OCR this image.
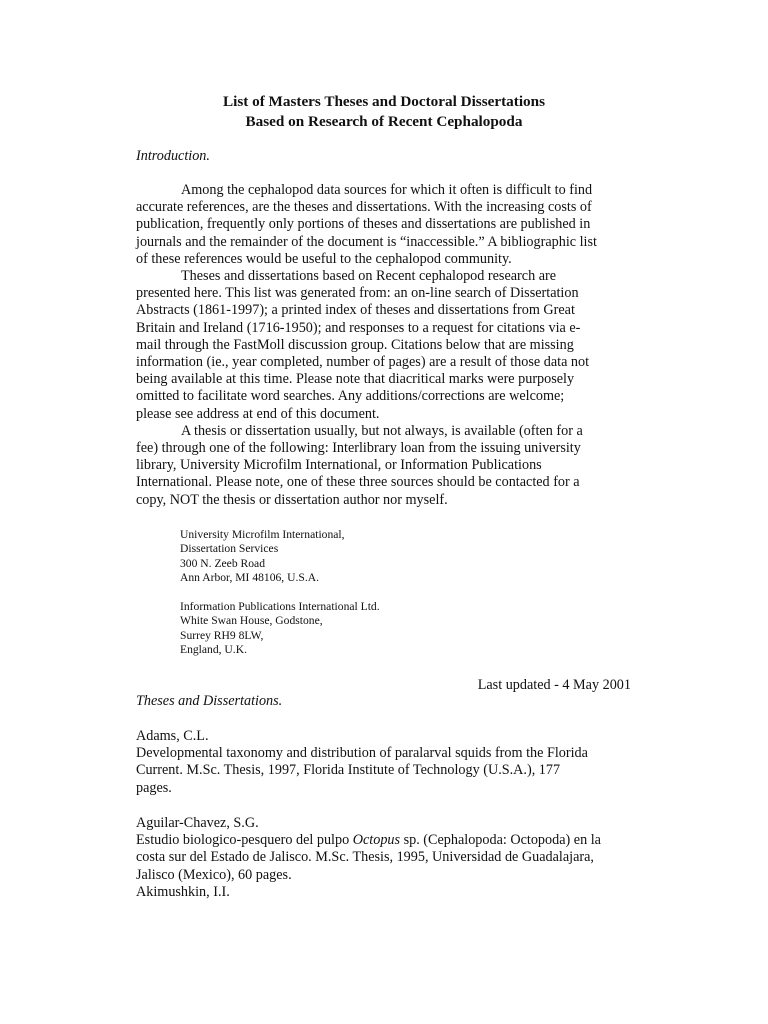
List of Masters Theses and Doctoral Dissertations
Based on Research of Recent Cephalopoda
Introduction.
Among the cephalopod data sources for which it often is difficult to find
accurate references, are the theses and dissertations. With the increasing costs of
publication, frequently only portions of theses and dissertations are published in
journals and the remainder of the document is “inaccessible.” A bibliographic list
of these references would be useful to the cephalopod community.
Theses and dissertations based on Recent cephalopod research are
presented here. This list was generated from: an on-line search of Dissertation
Abstracts (1861-1997); a printed index of theses and dissertations from Great
Britain and Ireland (1716-1950); and responses to a request for citations via e-
mail through the FastMoll discussion group. Citations below that are missing
information (ie., year completed, number of pages) are a result of those data not
being available at this time. Please note that diacritical marks were purposely
omitted to facilitate word searches. Any additions/corrections are welcome;
please see address at end of this document.
A thesis or dissertation usually, but not always, is available (often for a
fee) through one of the following: Interlibrary loan from the issuing university
library, University Microfilm International, or Information Publications
International. Please note, one of these three sources should be contacted for a
copy, NOT the thesis or dissertation author nor myself.
University Microfilm International,
Dissertation Services
300 N. Zeeb Road
Ann Arbor, MI 48106, U.S.A.
Information Publications International Ltd.
White Swan House, Godstone,
Surrey RH9 8LW,
England, U.K.
Last updated - 4 May 2001
Theses and Dissertations.
Adams, C.L.
Developmental taxonomy and distribution of paralarval squids from the Florida
Current. M.Sc. Thesis, 1997, Florida Institute of Technology (U.S.A.), 177
pages.
Aguilar-Chavez, S.G.
Estudio biologico-pesquero del pulpo Octopus sp. (Cephalopoda: Octopoda) en la
costa sur del Estado de Jalisco. M.Sc. Thesis, 1995, Universidad de Guadalajara,
Jalisco (Mexico), 60 pages.
Akimushkin, I.I.
